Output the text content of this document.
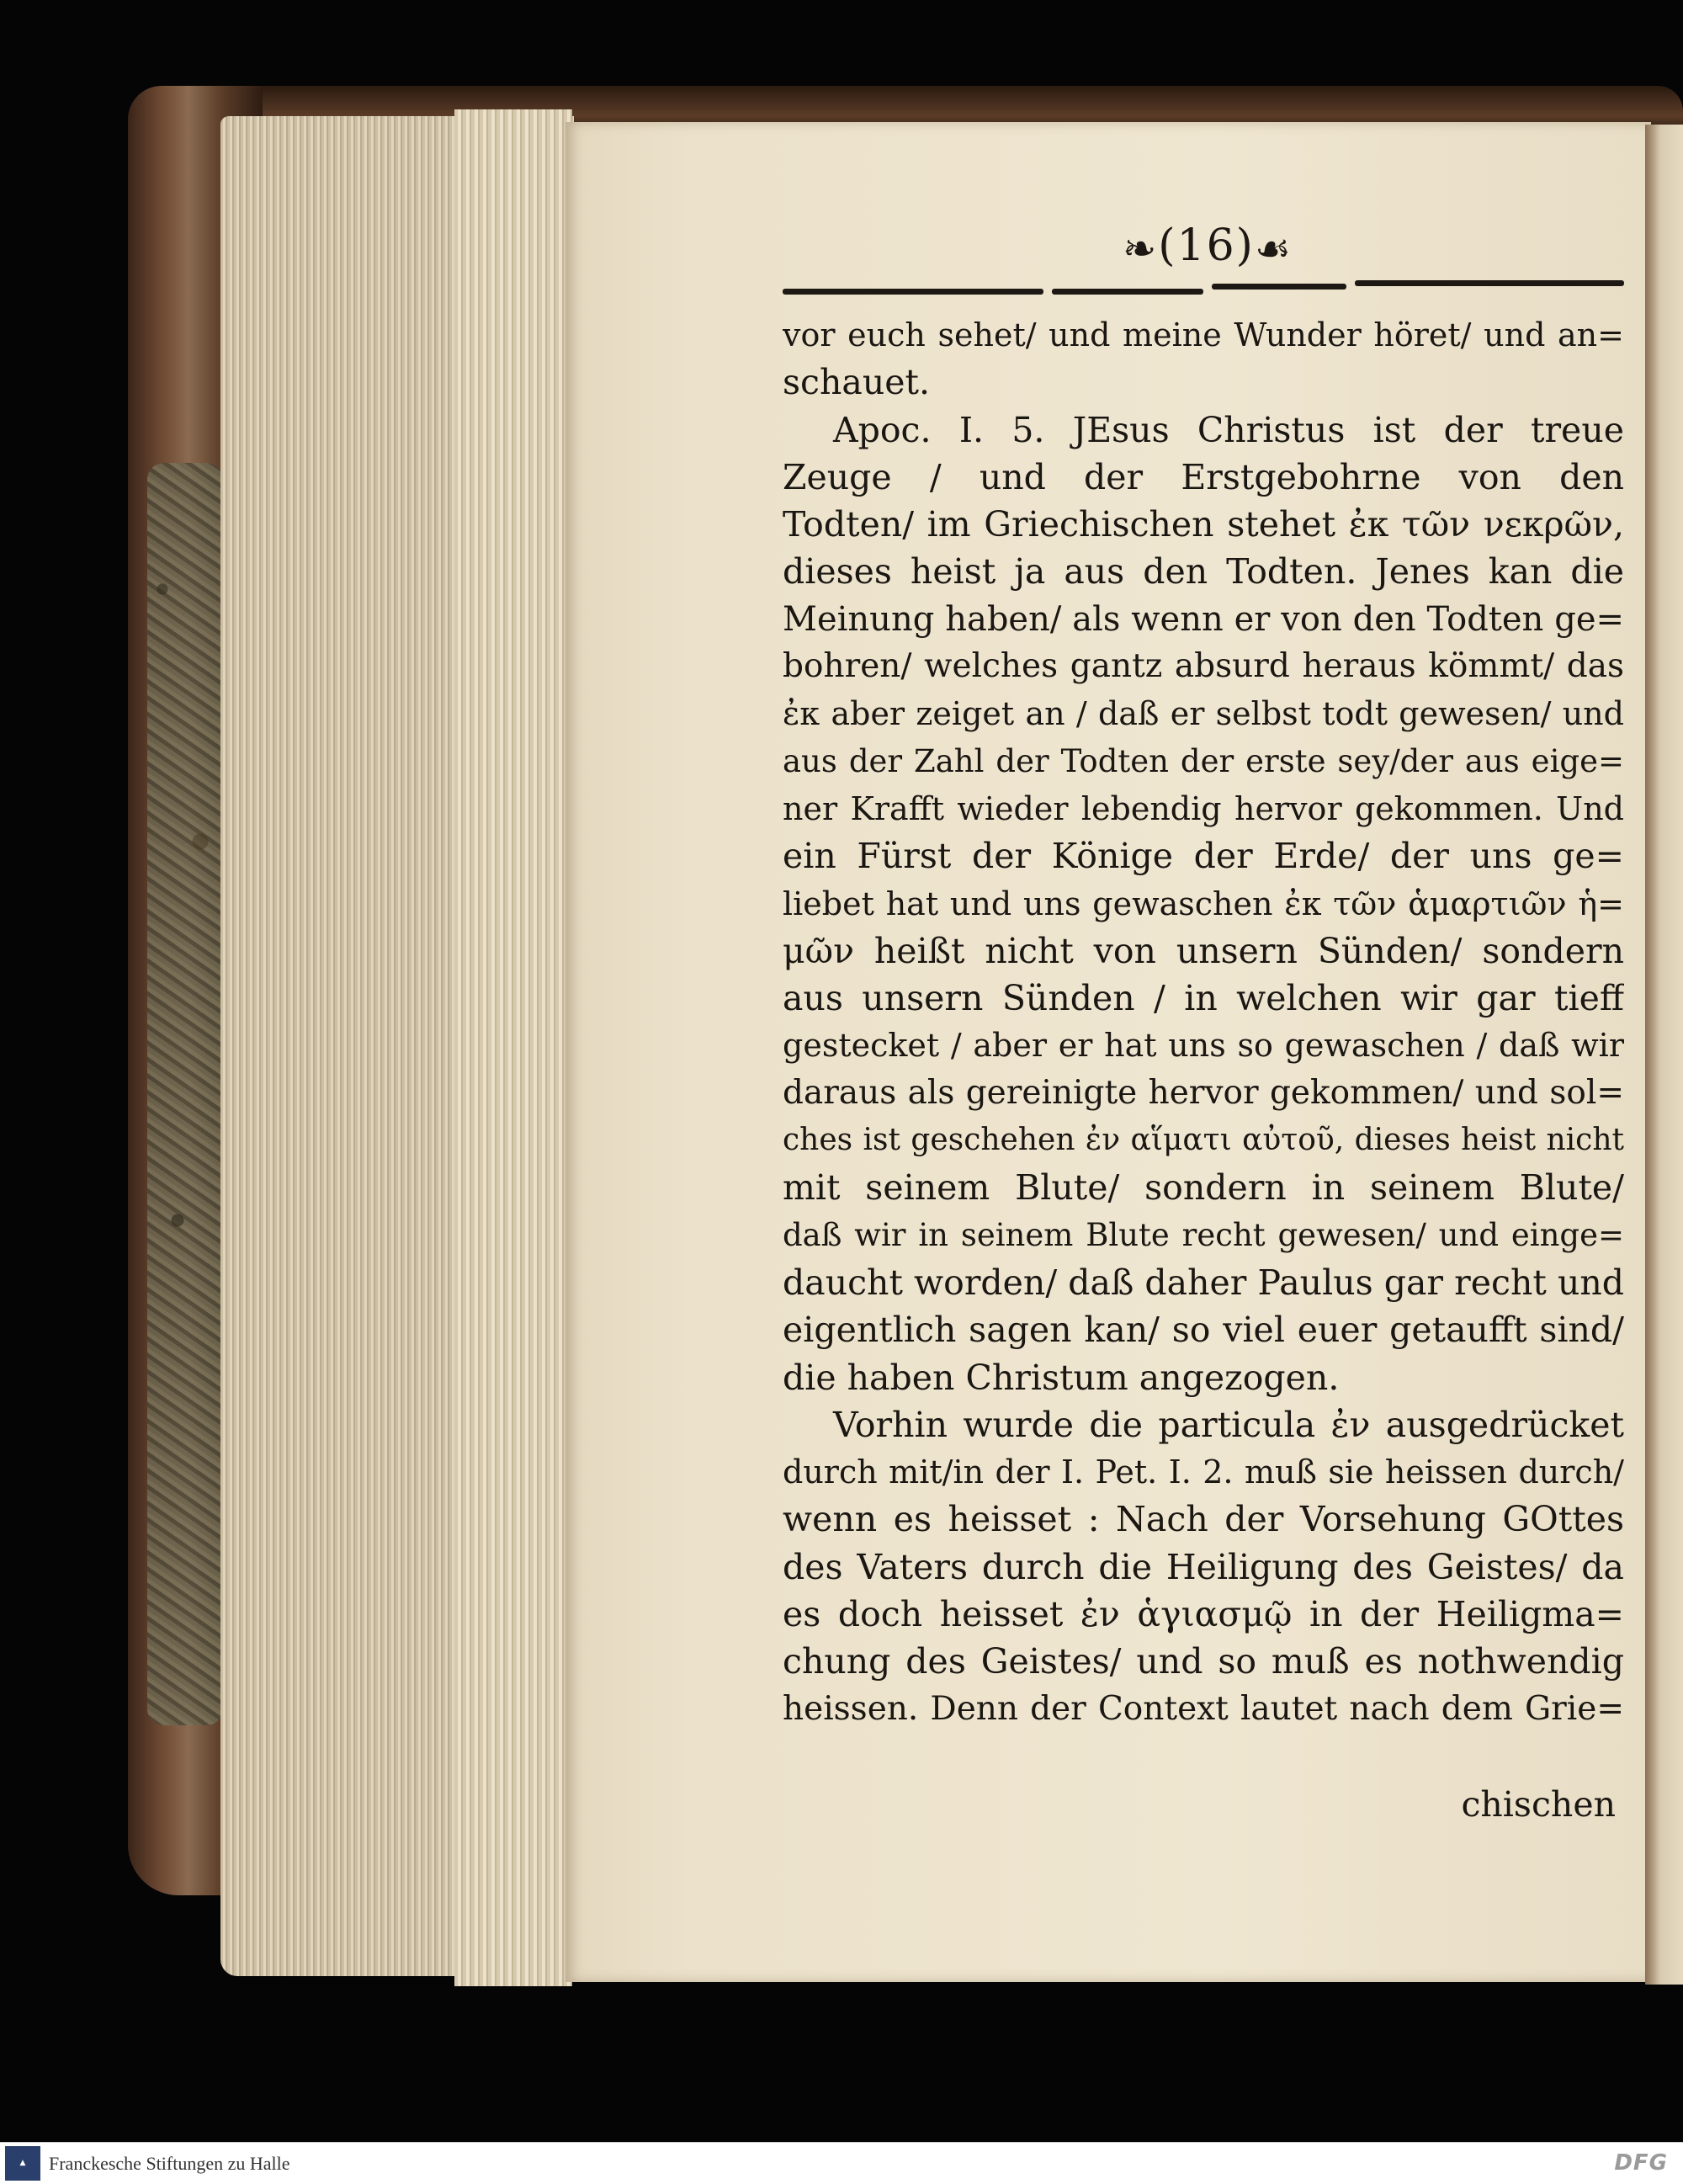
❧(16)☙
vor euch sehet/ und meine Wunder höret/ und an=
schauet.
Apoc. I. 5. JEsus Christus ist der treue
Zeuge / und der Erstgebohrne von den
Todten/ im Griechischen stehet ἐκ τῶν νεκρῶν,
dieses heist ja aus den Todten. Jenes kan die
Meinung haben/ als wenn er von den Todten ge=
bohren/ welches gantz absurd heraus kömmt/ das
ἐκ aber zeiget an / daß er selbst todt gewesen/ und
aus der Zahl der Todten der erste sey/der aus eige=
ner Krafft wieder lebendig hervor gekommen. Und
ein Fürst der Könige der Erde/ der uns ge=
liebet hat und uns gewaschen ἐκ τῶν ἁμαρτιῶν ἡ=
μῶν heißt nicht von unsern Sünden/ sondern
aus unsern Sünden / in welchen wir gar tieff
gestecket / aber er hat uns so gewaschen / daß wir
daraus als gereinigte hervor gekommen/ und sol=
ches ist geschehen ἐν αἵματι αὐτοῦ, dieses heist nicht
mit seinem Blute/ sondern in seinem Blute/
daß wir in seinem Blute recht gewesen/ und einge=
daucht worden/ daß daher Paulus gar recht und
eigentlich sagen kan/ so viel euer getaufft sind/
die haben Christum angezogen.
Vorhin wurde die particula ἐν ausgedrücket
durch mit/in der I. Pet. I. 2. muß sie heissen durch/
wenn es heisset : Nach der Vorsehung GOttes
des Vaters durch die Heiligung des Geistes/ da
es doch heisset ἐν ἁγιασμῷ in der Heiligma=
chung des Geistes/ und so muß es nothwendig
heissen. Denn der Context lautet nach dem Grie=
chischen
▲	Franckesche Stiftungen zu Halle	DFG
